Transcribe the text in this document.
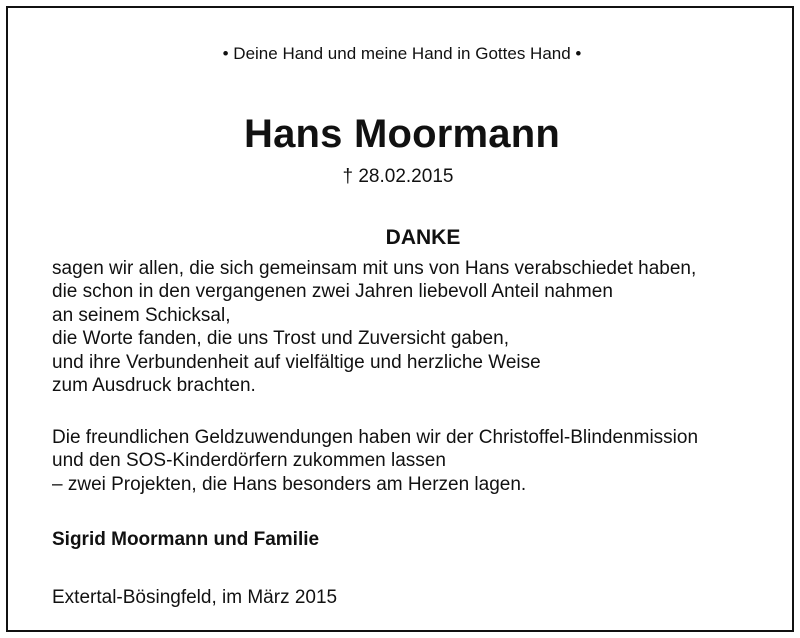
• Deine Hand und meine Hand in Gottes Hand •
Hans Moormann
† 28.02.2015
DANKE
sagen wir allen, die sich gemeinsam mit uns von Hans verabschiedet haben,
die schon in den vergangenen zwei Jahren liebevoll Anteil nahmen
an seinem Schicksal,
die Worte fanden, die uns Trost und Zuversicht gaben,
und ihre Verbundenheit auf vielfältige und herzliche Weise
zum Ausdruck brachten.
Die freundlichen Geldzuwendungen haben wir der Christoffel-Blindenmission
und den SOS-Kinderdörfern zukommen lassen
– zwei Projekten, die Hans besonders am Herzen lagen.
Sigrid Moormann und Familie
Extertal-Bösingfeld, im März 2015
